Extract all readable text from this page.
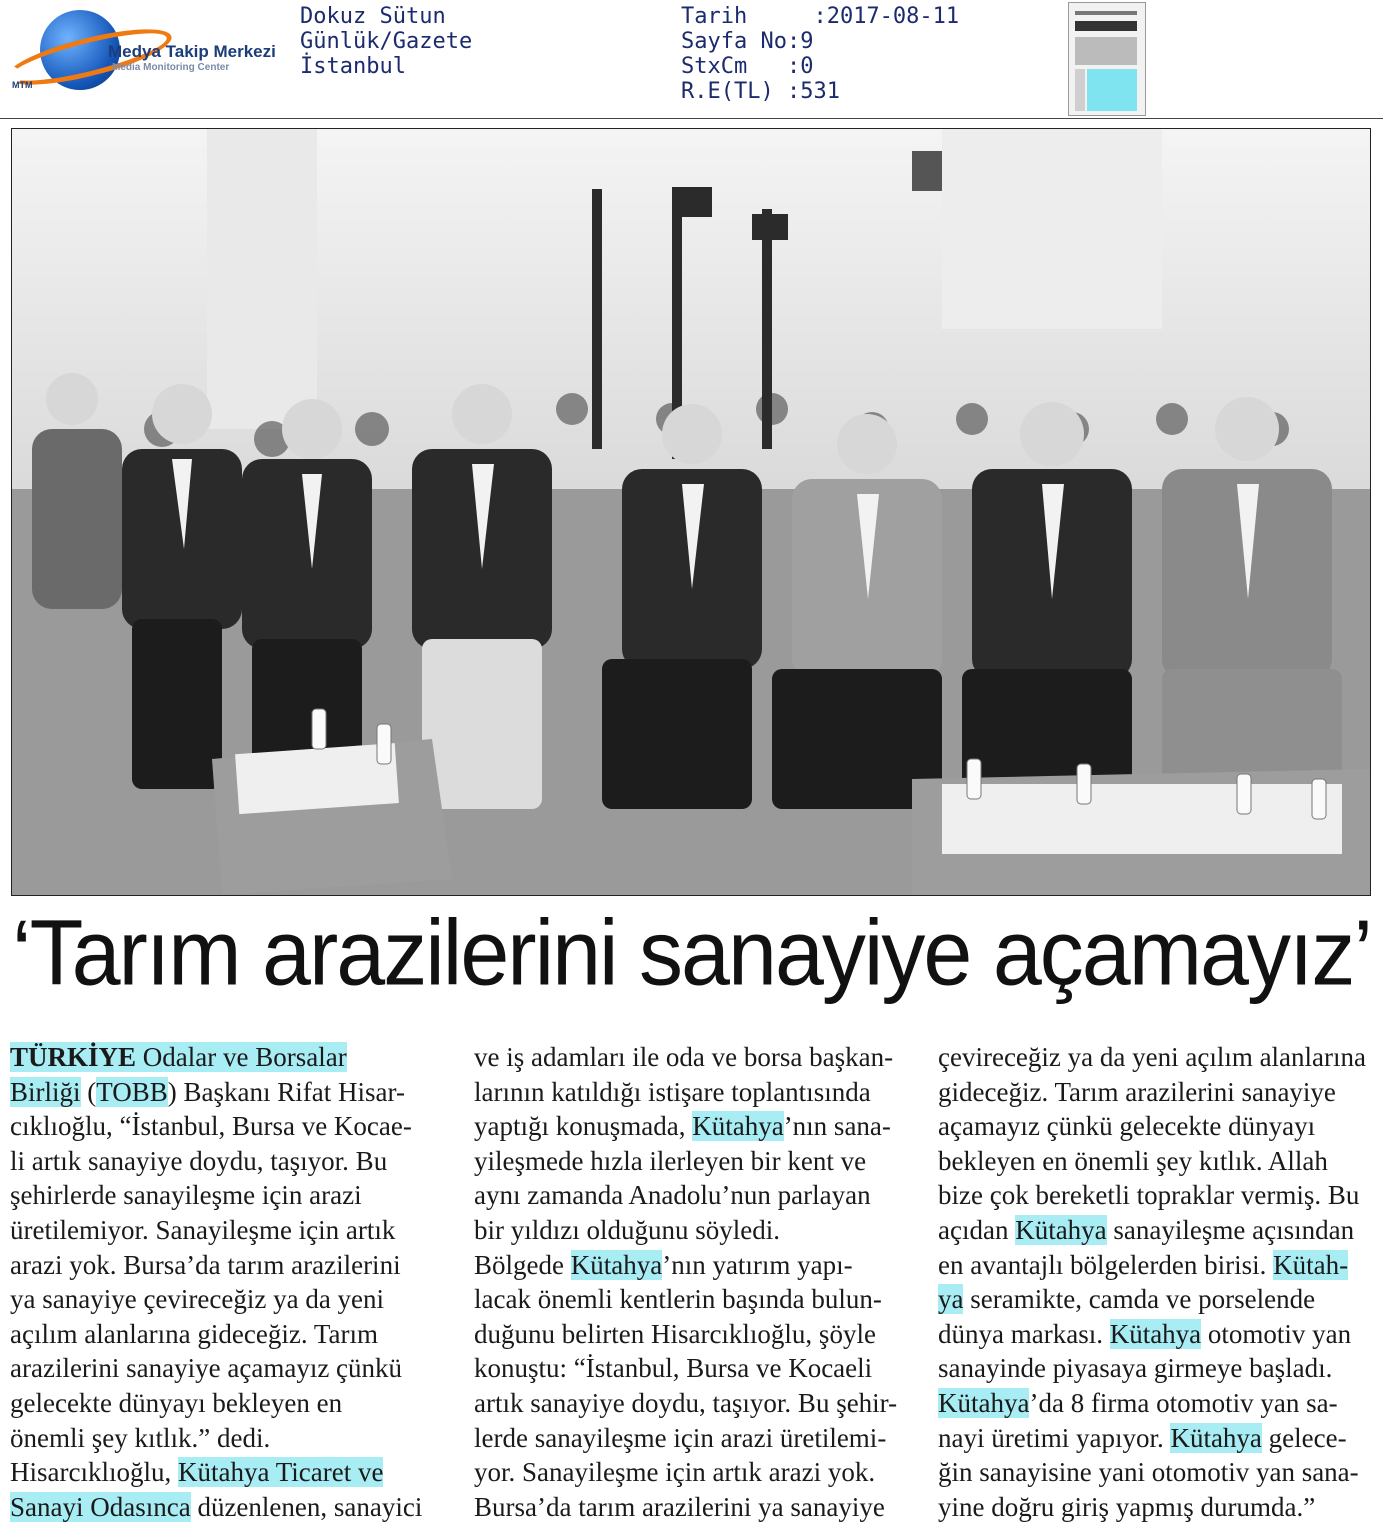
Medya Takip Merkezi
Media Monitoring Center
MTM
Dokuz Sütun
Günlük/Gazete
İstanbul
Tarih     :2017-08-11
Sayfa No:9
StxCm   :0
R.E(TL) :531
‘Tarım arazilerini sanayiye açamayız’
TÜRKİYE Odalar ve Borsalar
Birliği (TOBB) Başkanı Rifat Hisar-
cıklıoğlu, “İstanbul, Bursa ve Kocae-
li artık sanayiye doydu, taşıyor. Bu
şehirlerde sanayileşme için arazi
üretilemiyor. Sanayileşme için artık
arazi yok. Bursa’da tarım arazilerini
ya sanayiye çevireceğiz ya da yeni
açılım alanlarına gideceğiz. Tarım
arazilerini sanayiye açamayız çünkü
gelecekte dünyayı bekleyen en
önemli şey kıtlık.” dedi.
Hisarcıklıoğlu, Kütahya Ticaret ve
Sanayi Odasınca düzenlenen, sanayici
ve iş adamları ile oda ve borsa başkan-
larının katıldığı istişare toplantısında
yaptığı konuşmada, Kütahya’nın sana-
yileşmede hızla ilerleyen bir kent ve
aynı zamanda Anadolu’nun parlayan
bir yıldızı olduğunu söyledi.
Bölgede Kütahya’nın yatırım yapı-
lacak önemli kentlerin başında bulun-
duğunu belirten Hisarcıklıoğlu, şöyle
konuştu: “İstanbul, Bursa ve Kocaeli
artık sanayiye doydu, taşıyor. Bu şehir-
lerde sanayileşme için arazi üretilemi-
yor. Sanayileşme için artık arazi yok.
Bursa’da tarım arazilerini ya sanayiye
çevireceğiz ya da yeni açılım alanlarına
gideceğiz. Tarım arazilerini sanayiye
açamayız çünkü gelecekte dünyayı
bekleyen en önemli şey kıtlık. Allah
bize çok bereketli topraklar vermiş. Bu
açıdan Kütahya sanayileşme açısından
en avantajlı bölgelerden birisi. Kütah-
ya seramikte, camda ve porselende
dünya markası. Kütahya otomotiv yan
sanayinde piyasaya girmeye başladı.
Kütahya’da 8 firma otomotiv yan sa-
nayi üretimi yapıyor. Kütahya gelece-
ğin sanayisine yani otomotiv yan sana-
yine doğru giriş yapmış durumda.”
